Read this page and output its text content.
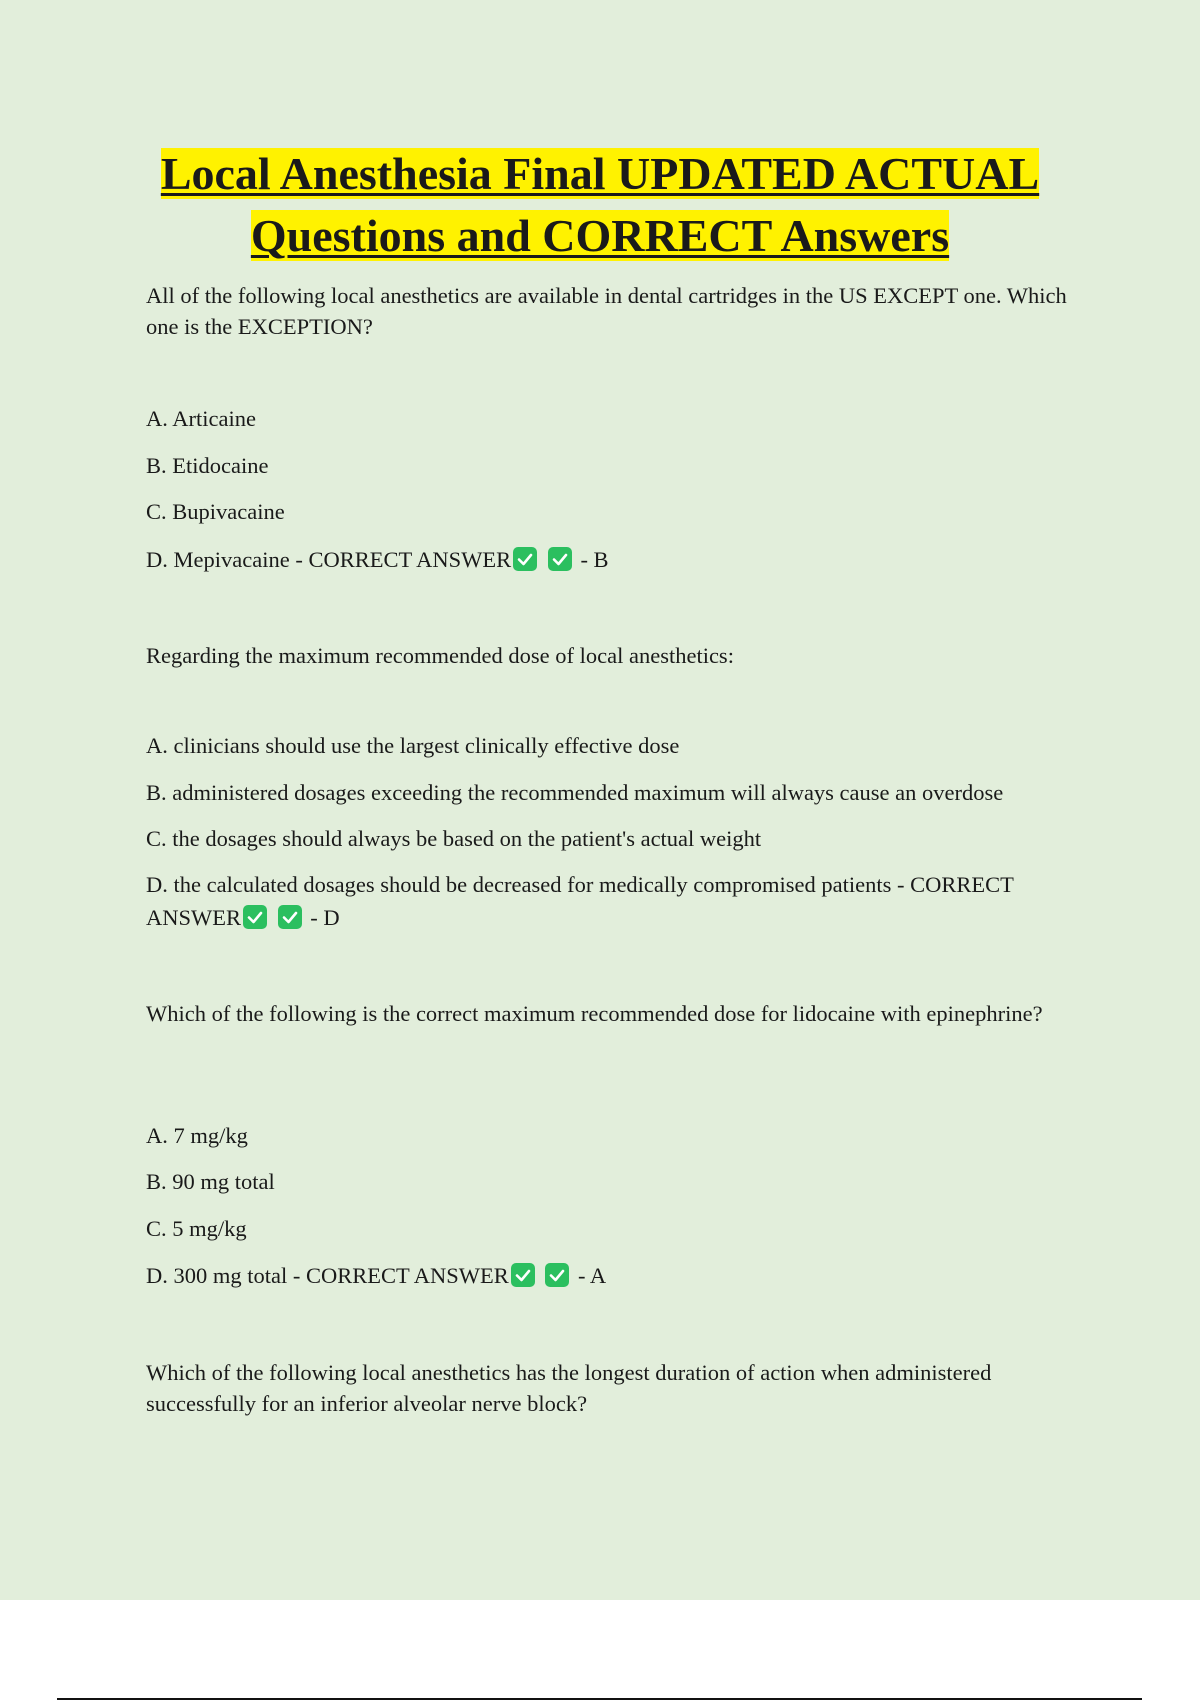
Local Anesthesia Final UPDATED ACTUAL
Questions and CORRECT Answers

All of the following local anesthetics are available in dental cartridges in the US EXCEPT one. Which one is the EXCEPTION?

A. Articaine

B. Etidocaine

C. Bupivacaine

D. Mepivacaine - CORRECT ANSWER
	- B

Regarding the maximum recommended dose of local anesthetics:

A. clinicians should use the largest clinically effective dose

B. administered dosages exceeding the recommended maximum will always cause an overdose

C. the dosages should always be based on the patient's actual weight

D. the calculated dosages should be decreased for medically compromised patients - CORRECT ANSWER
	- D

Which of the following is the correct maximum recommended dose for lidocaine with epinephrine?

A. 7 mg/kg

B. 90 mg total

C. 5 mg/kg

D. 300 mg total - CORRECT ANSWER
	- A

Which of the following local anesthetics has the longest duration of action when administered successfully for an inferior alveolar nerve block?
